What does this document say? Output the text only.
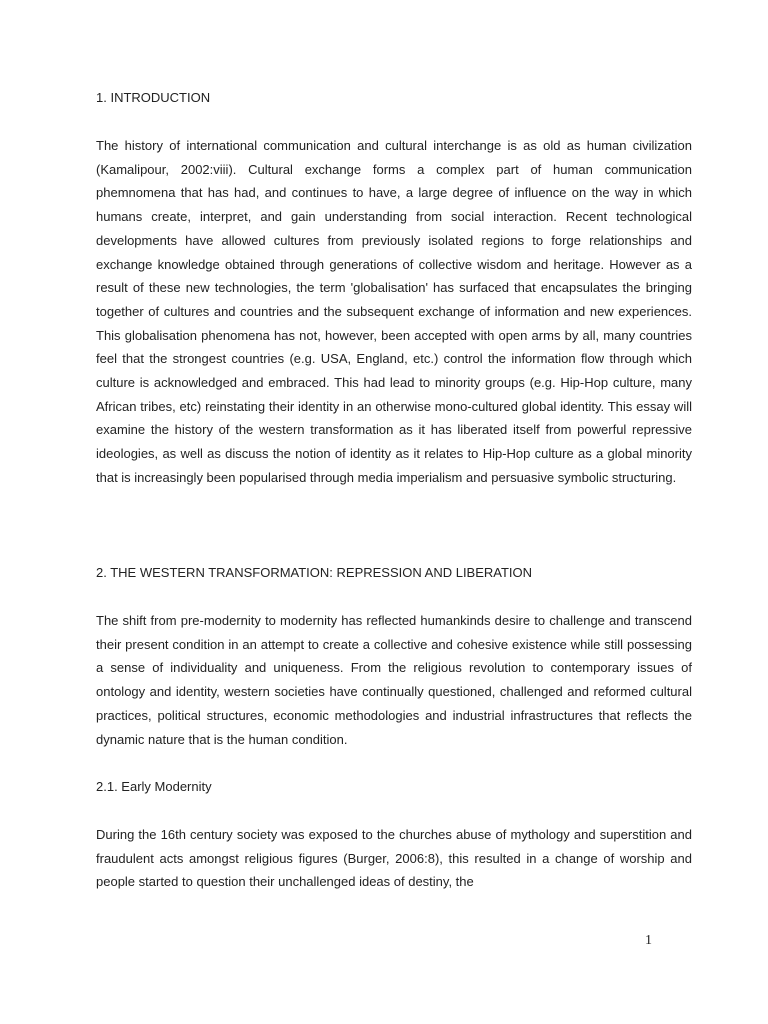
1. INTRODUCTION

The history of international communication and cultural interchange is as old as human civilization (Kamalipour, 2002:viii). Cultural exchange forms a complex part of human communication phemnomena that has had, and continues to have, a large degree of influence on the way in which humans create, interpret, and gain understanding from social interaction. Recent technological developments have allowed cultures from previously isolated regions to forge relationships and exchange knowledge obtained through generations of collective wisdom and heritage. However as a result of these new technologies, the term 'globalisation' has surfaced that encapsulates the bringing together of cultures and countries and the subsequent exchange of information and new experiences. This globalisation phenomena has not, however, been accepted with open arms by all, many countries feel that the strongest countries (e.g. USA, England, etc.) control the information flow through which culture is acknowledged and embraced. This had lead to minority groups (e.g. Hip-Hop culture, many African tribes, etc) reinstating their identity in an otherwise mono-cultured global identity. This essay will examine the history of the western transformation as it has liberated itself from powerful repressive ideologies, as well as discuss the notion of identity as it relates to Hip-Hop culture as a global minority that is increasingly been popularised through media imperialism and persuasive symbolic structuring.

2. THE WESTERN TRANSFORMATION: REPRESSION AND LIBERATION

The shift from pre-modernity to modernity has reflected humankinds desire to challenge and transcend their present condition in an attempt to create a collective and cohesive existence while still possessing a sense of individuality and uniqueness. From the religious revolution to contemporary issues of ontology and identity, western societies have continually questioned, challenged and reformed cultural practices, political structures, economic methodologies and industrial infrastructures that reflects the dynamic nature that is the human condition.

2.1. Early Modernity

During the 16th century society was exposed to the churches abuse of mythology and superstition and fraudulent acts amongst religious figures (Burger, 2006:8), this resulted in a change of worship and people started to question their unchallenged ideas of destiny, the

1
